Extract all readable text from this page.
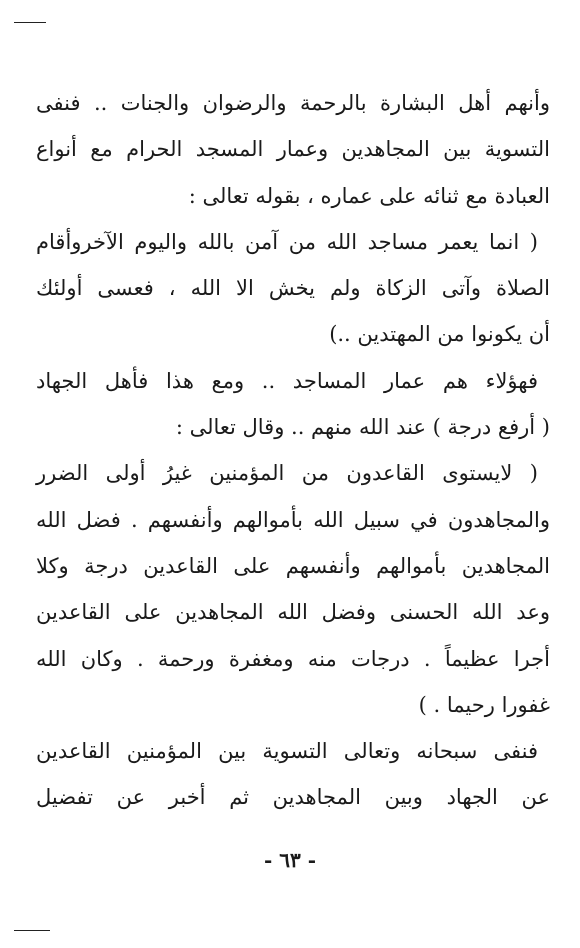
وأنهم أهل البشارة بالرحمة والرضوان والجنات .. فنفى
التسوية بين المجاهدين وعمار المسجد الحرام مع أنواع
العبادة مع ثنائه على عماره ، بقوله تعالى :
( انما يعمر مساجد الله من آمن بالله واليوم الآخروأقام
الصلاة وآتى الزكاة ولم يخش الا الله ، فعسى أولئك
أن يكونوا من المهتدين ..)
فهؤلاء هم عمار المساجد .. ومع هذا فأهل الجهاد
( أرفع درجة ) عند الله منهم .. وقال تعالى :
( لايستوى القاعدون من المؤمنين غيرُ أولى الضرر
والمجاهدون في سبيل الله بأموالهم وأنفسهم . فضل الله
المجاهدين بأموالهم وأنفسهم على القاعدين درجة وكلا
وعد الله الحسنى وفضل الله المجاهدين على القاعدين
أجرا عظيماً . درجات منه ومغفرة ورحمة . وكان الله
غفورا رحيما . )
فنفى سبحانه وتعالى التسوية بين المؤمنين القاعدين
عن الجهاد وبين المجاهدين ثم أخبر عن تفضيل
- ٦٣ -
